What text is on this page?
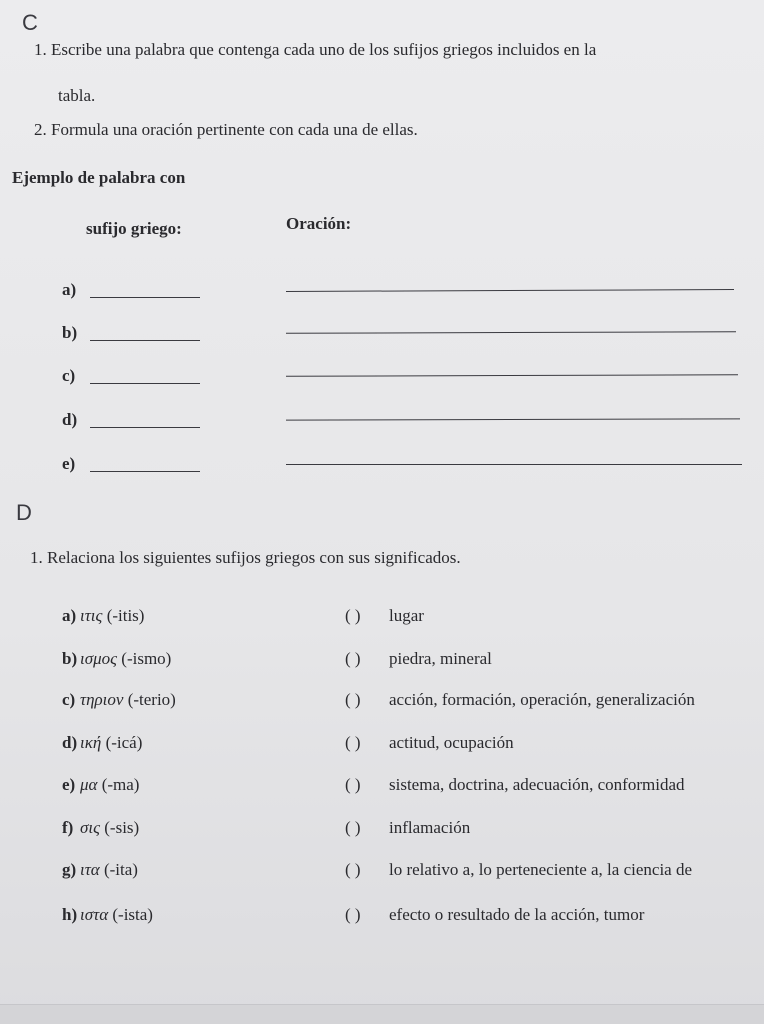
C
1. Escribe una palabra que contenga cada uno de los sufijos griegos incluidos en la
tabla.
2. Formula una oración pertinente con cada una de ellas.
Ejemplo de palabra con
sufijo griego:	Oración:
a)
b)
c)
d)
e)
D
1. Relaciona los siguientes sufijos griegos con sus significados.
a) ιτις (-itis)	( ) lugar
b) ισμος (-ismo)	( ) piedra, mineral
c) τηριον (-terio)	( ) acción, formación, operación, generalización
d) ική (-icá)	( ) actitud, ocupación
e) μα (-ma)	( ) sistema, doctrina, adecuación, conformidad
f) σις (-sis)	( ) inflamación
g) ιτα (-ita)	( ) lo relativo a, lo perteneciente a, la ciencia de
h) ιστα (-ista)	( ) efecto o resultado de la acción, tumor
